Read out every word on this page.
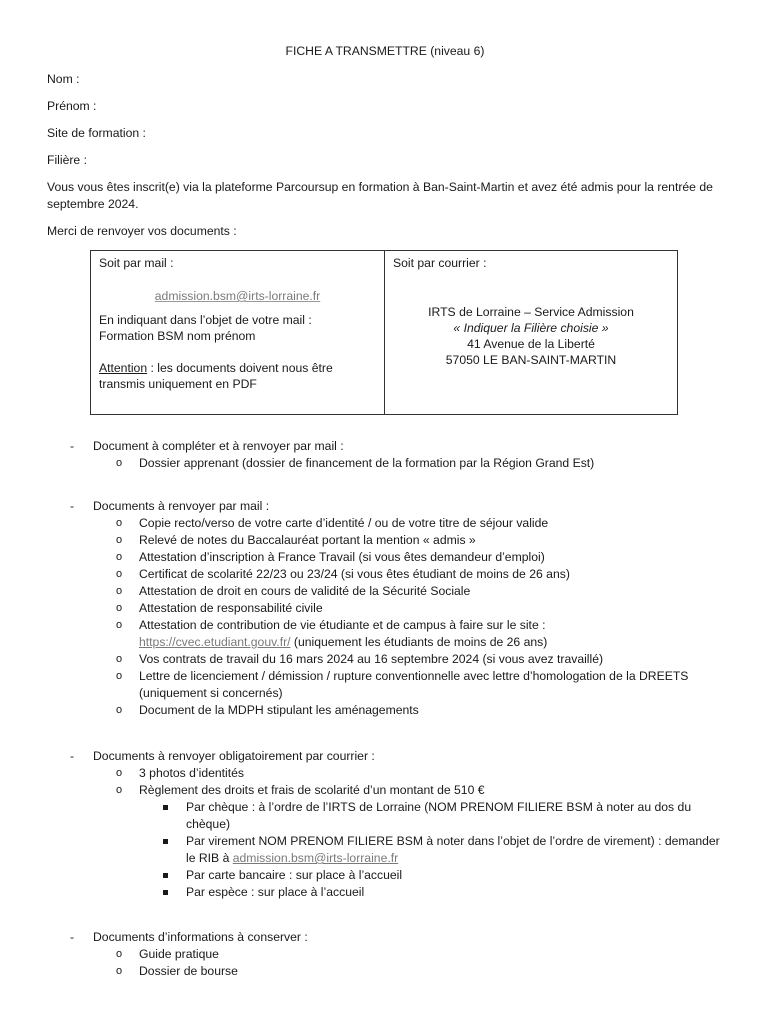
FICHE A TRANSMETTRE (niveau 6)
Nom :
Prénom :
Site de formation :
Filière :
Vous vous êtes inscrit(e) via la plateforme Parcoursup en formation à Ban-Saint-Martin et avez été admis pour la rentrée de septembre 2024.
Merci de renvoyer vos documents :
Soit par mail :
admission.bsm@irts-lorraine.fr
En indiquant dans l’objet de votre mail :
Formation BSM nom prénom
Attention : les documents doivent nous être transmis uniquement en PDF

Soit par courrier :
IRTS de Lorraine – Service Admission
« Indiquer la Filière choisie »
41 Avenue de la Liberté
57050 LE BAN-SAINT-MARTIN
- Document à compléter et à renvoyer par mail :
o Dossier apprenant (dossier de financement de la formation par la Région Grand Est)
- Documents à renvoyer par mail :
o Copie recto/verso de votre carte d’identité / ou de votre titre de séjour valide
o Relevé de notes du Baccalauréat portant la mention « admis »
o Attestation d’inscription à France Travail (si vous êtes demandeur d’emploi)
o Certificat de scolarité 22/23 ou 23/24 (si vous êtes étudiant de moins de 26 ans)
o Attestation de droit en cours de validité de la Sécurité Sociale
o Attestation de responsabilité civile
o Attestation de contribution de vie étudiante et de campus à faire sur le site :
https://cvec.etudiant.gouv.fr/ (uniquement les étudiants de moins de 26 ans)
o Vos contrats de travail du 16 mars 2024 au 16 septembre 2024 (si vous avez travaillé)
o Lettre de licenciement / démission / rupture conventionnelle avec lettre d’homologation de la DREETS (uniquement si concernés)
o Document de la MDPH stipulant les aménagements
- Documents à renvoyer obligatoirement par courrier :
o 3 photos d’identités
o Règlement des droits et frais de scolarité d’un montant de 510 €
Par chèque : à l’ordre de l’IRTS de Lorraine (NOM PRENOM FILIERE BSM à noter au dos du chèque)
Par virement NOM PRENOM FILIERE BSM à noter dans l’objet de l’ordre de virement) : demander le RIB à admission.bsm@irts-lorraine.fr
Par carte bancaire : sur place à l’accueil
Par espèce : sur place à l’accueil
- Documents d’informations à conserver :
o Guide pratique
o Dossier de bourse
